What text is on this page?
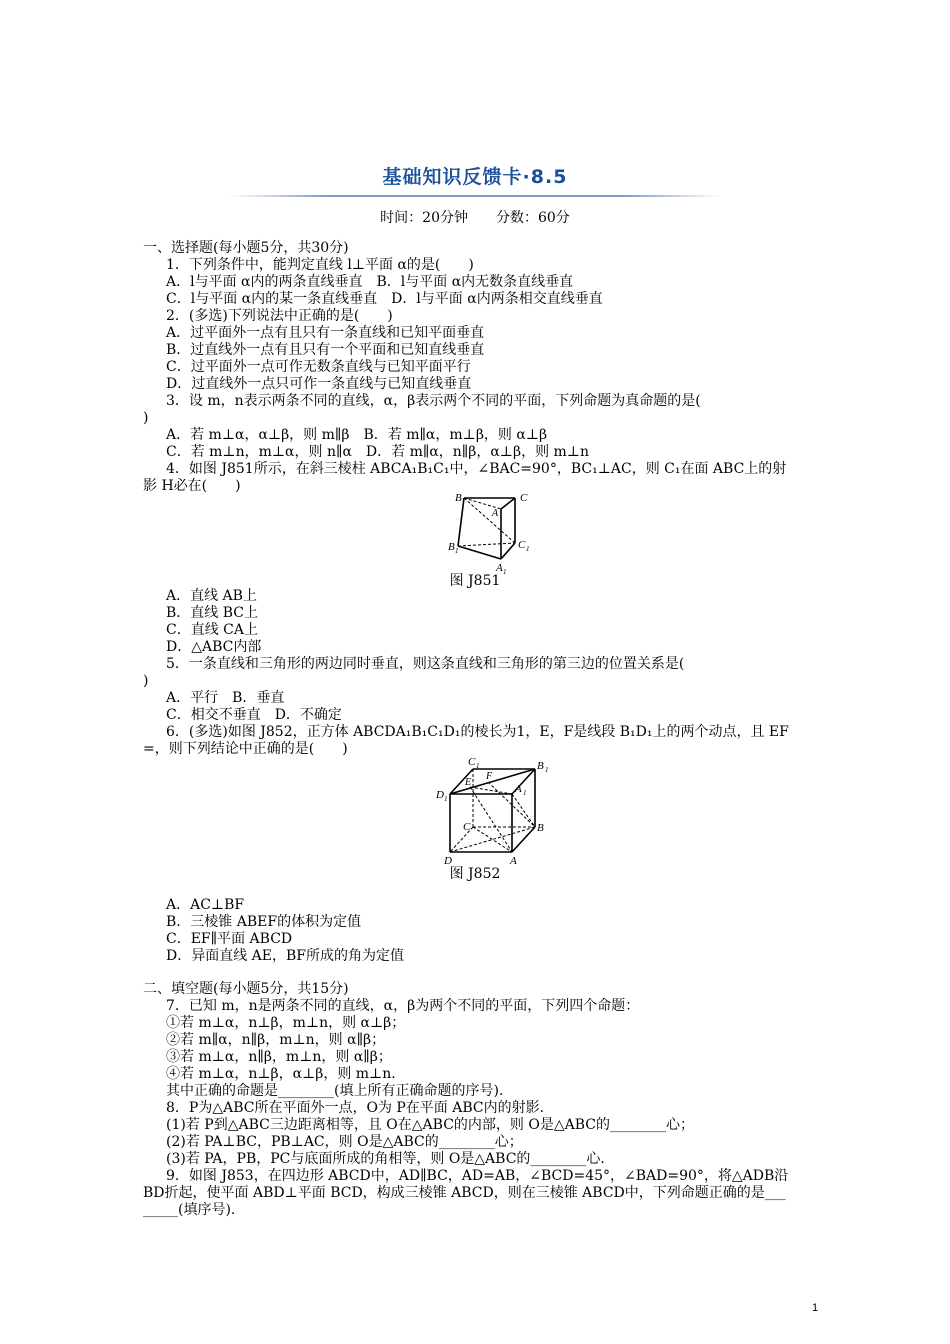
基础知识反馈卡·8.5
时间：20分钟　　分数：60分
一、选择题(每小题5分，共30分)
1．下列条件中，能判定直线 l⊥平面 α的是(　　)
A．l与平面 α内的两条直线垂直　B．l与平面 α内无数条直线垂直
C．l与平面 α内的某一条直线垂直　D．l与平面 α内两条相交直线垂直
2．(多选)下列说法中正确的是(　　)
A．过平面外一点有且只有一条直线和已知平面垂直
B．过直线外一点有且只有一个平面和已知直线垂直
C．过平面外一点可作无数条直线与已知平面平行
D．过直线外一点只可作一条直线与已知直线垂直
3．设 m，n表示两条不同的直线，α，β表示两个不同的平面，下列命题为真命题的是(
)
A．若 m⊥α，α⊥β，则 m∥β　B．若 m∥α，m⊥β，则 α⊥β
C．若 m⊥n，m⊥α，则 n∥α　D．若 m∥α，n∥β，α⊥β，则 m⊥n
4．如图 J851所示，在斜三棱柱 ABCA₁B₁C₁中，∠BAC=90°，BC₁⊥AC，则 C₁在面 ABC上的射
影 H必在(　　)
B	C
A
B 1	C 1
A 1
图 J851
A．直线 AB上
B．直线 BC上
C．直线 CA上
D．△ABC内部
5．一条直线和三角形的两边同时垂直，则这条直线和三角形的第三边的位置关系是(
)
A．平行　B．垂直
C．相交不垂直　D．不确定
6．(多选)如图 J852，正方体 ABCDA₁B₁C₁D₁的棱长为1，E，F是线段 B₁D₁上的两个动点，且 EF
=，则下列结论中正确的是(　　)
C 1
F
B 1
E
D 1
A 1
C	B
D	A
图 J852
A．AC⊥BF
B．三棱锥 ABEF的体积为定值
C．EF∥平面 ABCD
D．异面直线 AE，BF所成的角为定值
二、填空题(每小题5分，共15分)
7．已知 m，n是两条不同的直线，α，β为两个不同的平面，下列四个命题：
①若 m⊥α，n⊥β，m⊥n，则 α⊥β；
②若 m∥α，n∥β，m⊥n，则 α∥β；
③若 m⊥α，n∥β，m⊥n，则 α∥β；
④若 m⊥α，n⊥β，α⊥β，则 m⊥n.
其中正确的命题是________(填上所有正确命题的序号).
8．P为△ABC所在平面外一点，O为 P在平面 ABC内的射影.
(1)若 P到△ABC三边距离相等，且 O在△ABC的内部，则 O是△ABC的________心；
(2)若 PA⊥BC，PB⊥AC，则 O是△ABC的________心；
(3)若 PA，PB，PC与底面所成的角相等，则 O是△ABC的________心.
9．如图 J853，在四边形 ABCD中，AD∥BC，AD=AB，∠BCD=45°，∠BAD=90°，将△ADB沿
BD折起，使平面 ABD⊥平面 BCD，构成三棱锥 ABCD，则在三棱锥 ABCD中，下列命题正确的是___
_____(填序号).
1
